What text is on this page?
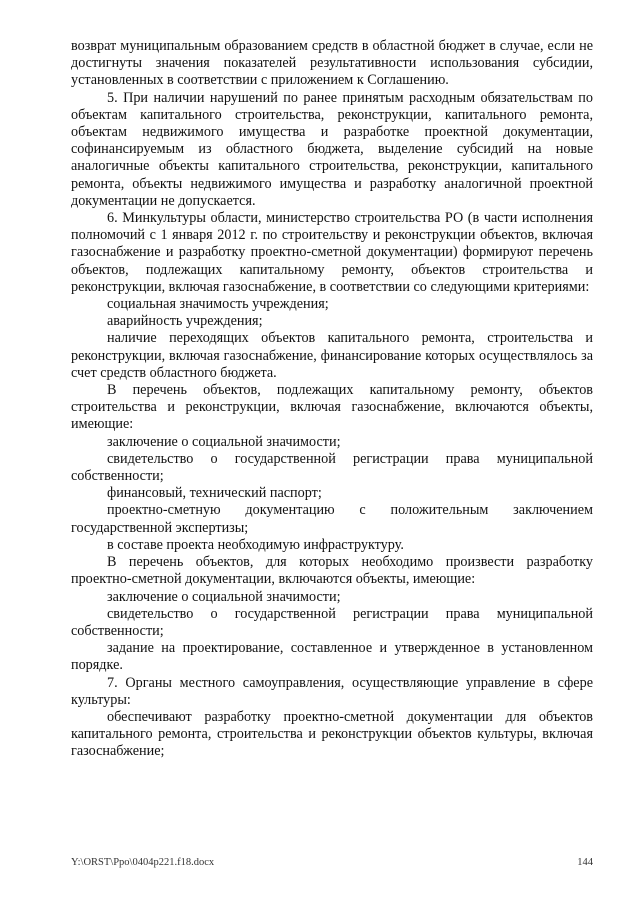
возврат муниципальным образованием средств в областной бюджет в случае, если не достигнуты значения показателей результативности использования субсидии, установленных в соответствии с приложением к Соглашению.

5. При наличии нарушений по ранее принятым расходным обязательствам по объектам капитального строительства, реконструкции, капитального ремонта, объектам недвижимого имущества и разработке проектной документации, софинансируемым из областного бюджета, выделение субсидий на новые аналогичные объекты капитального строительства, реконструкции, капитального ремонта, объекты недвижимого имущества и разработку аналогичной проектной документации не допускается.

6. Минкультуры области, министерство строительства РО (в части исполнения полномочий с 1 января 2012 г. по строительству и реконструкции объектов, включая газоснабжение и разработку проектно-сметной документации) формируют перечень объектов, подлежащих капитальному ремонту, объектов строительства и реконструкции, включая газоснабжение, в соответствии со следующими критериями:

социальная значимость учреждения;

аварийность учреждения;

наличие переходящих объектов капитального ремонта, строительства и реконструкции, включая газоснабжение, финансирование которых осуществлялось за счет средств областного бюджета.

В перечень объектов, подлежащих капитальному ремонту, объектов строительства и реконструкции, включая газоснабжение, включаются объекты, имеющие:

заключение о социальной значимости;

свидетельство о государственной регистрации права муниципальной собственности;

финансовый, технический паспорт;

проектно-сметную документацию с положительным заключением государственной экспертизы;

в составе проекта необходимую инфраструктуру.

В перечень объектов, для которых необходимо произвести разработку проектно-сметной документации, включаются объекты, имеющие:

заключение о социальной значимости;

свидетельство о государственной регистрации права муниципальной собственности;

задание на проектирование, составленное и утвержденное в установленном порядке.

7. Органы местного самоуправления, осуществляющие управление в сфере культуры:

обеспечивают разработку проектно-сметной документации для объектов капитального ремонта, строительства и реконструкции объектов культуры, включая газоснабжение;

Y:\ORST\Ppo\0404p221.f18.docx	144
